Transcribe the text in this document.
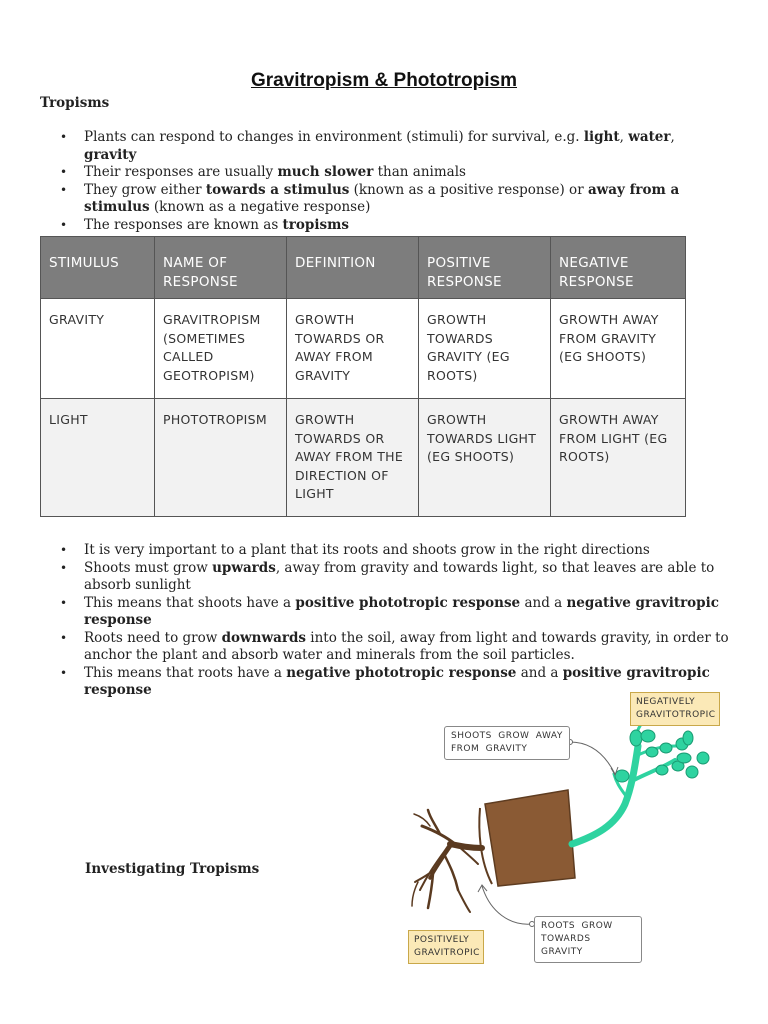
Gravitropism & Phototropism
Tropisms
• Plants can respond to changes in environment (stimuli) for survival, e.g. light, water, gravity
• Their responses are usually much slower than animals
• They grow either towards a stimulus (known as a positive response) or away from a stimulus (known as a negative response)
• The responses are known as tropisms
STIMULUS	NAME OF RESPONSE	DEFINITION	POSITIVE RESPONSE	NEGATIVE RESPONSE
GRAVITY	GRAVITROPISM (SOMETIMES CALLED GEOTROPISM)	GROWTH TOWARDS OR AWAY FROM GRAVITY	GROWTH TOWARDS GRAVITY (EG ROOTS)	GROWTH AWAY FROM GRAVITY (EG SHOOTS)
LIGHT	PHOTOTROPISM	GROWTH TOWARDS OR AWAY FROM THE DIRECTION OF LIGHT	GROWTH TOWARDS LIGHT (EG SHOOTS)	GROWTH AWAY FROM LIGHT (EG ROOTS)
• It is very important to a plant that its roots and shoots grow in the right directions
• Shoots must grow upwards, away from gravity and towards light, so that leaves are able to absorb sunlight
• This means that shoots have a positive phototropic response and a negative gravitropic response
• Roots need to grow downwards into the soil, away from light and towards gravity, in order to anchor the plant and absorb water and minerals from the soil particles.
• This means that roots have a negative phototropic response and a positive gravitropic response
Investigating Tropisms
NEGATIVELY GRAVITOTROPIC
SHOOTS GROW AWAY FROM GRAVITY
ROOTS GROW TOWARDS GRAVITY
POSITIVELY GRAVITROPIC
